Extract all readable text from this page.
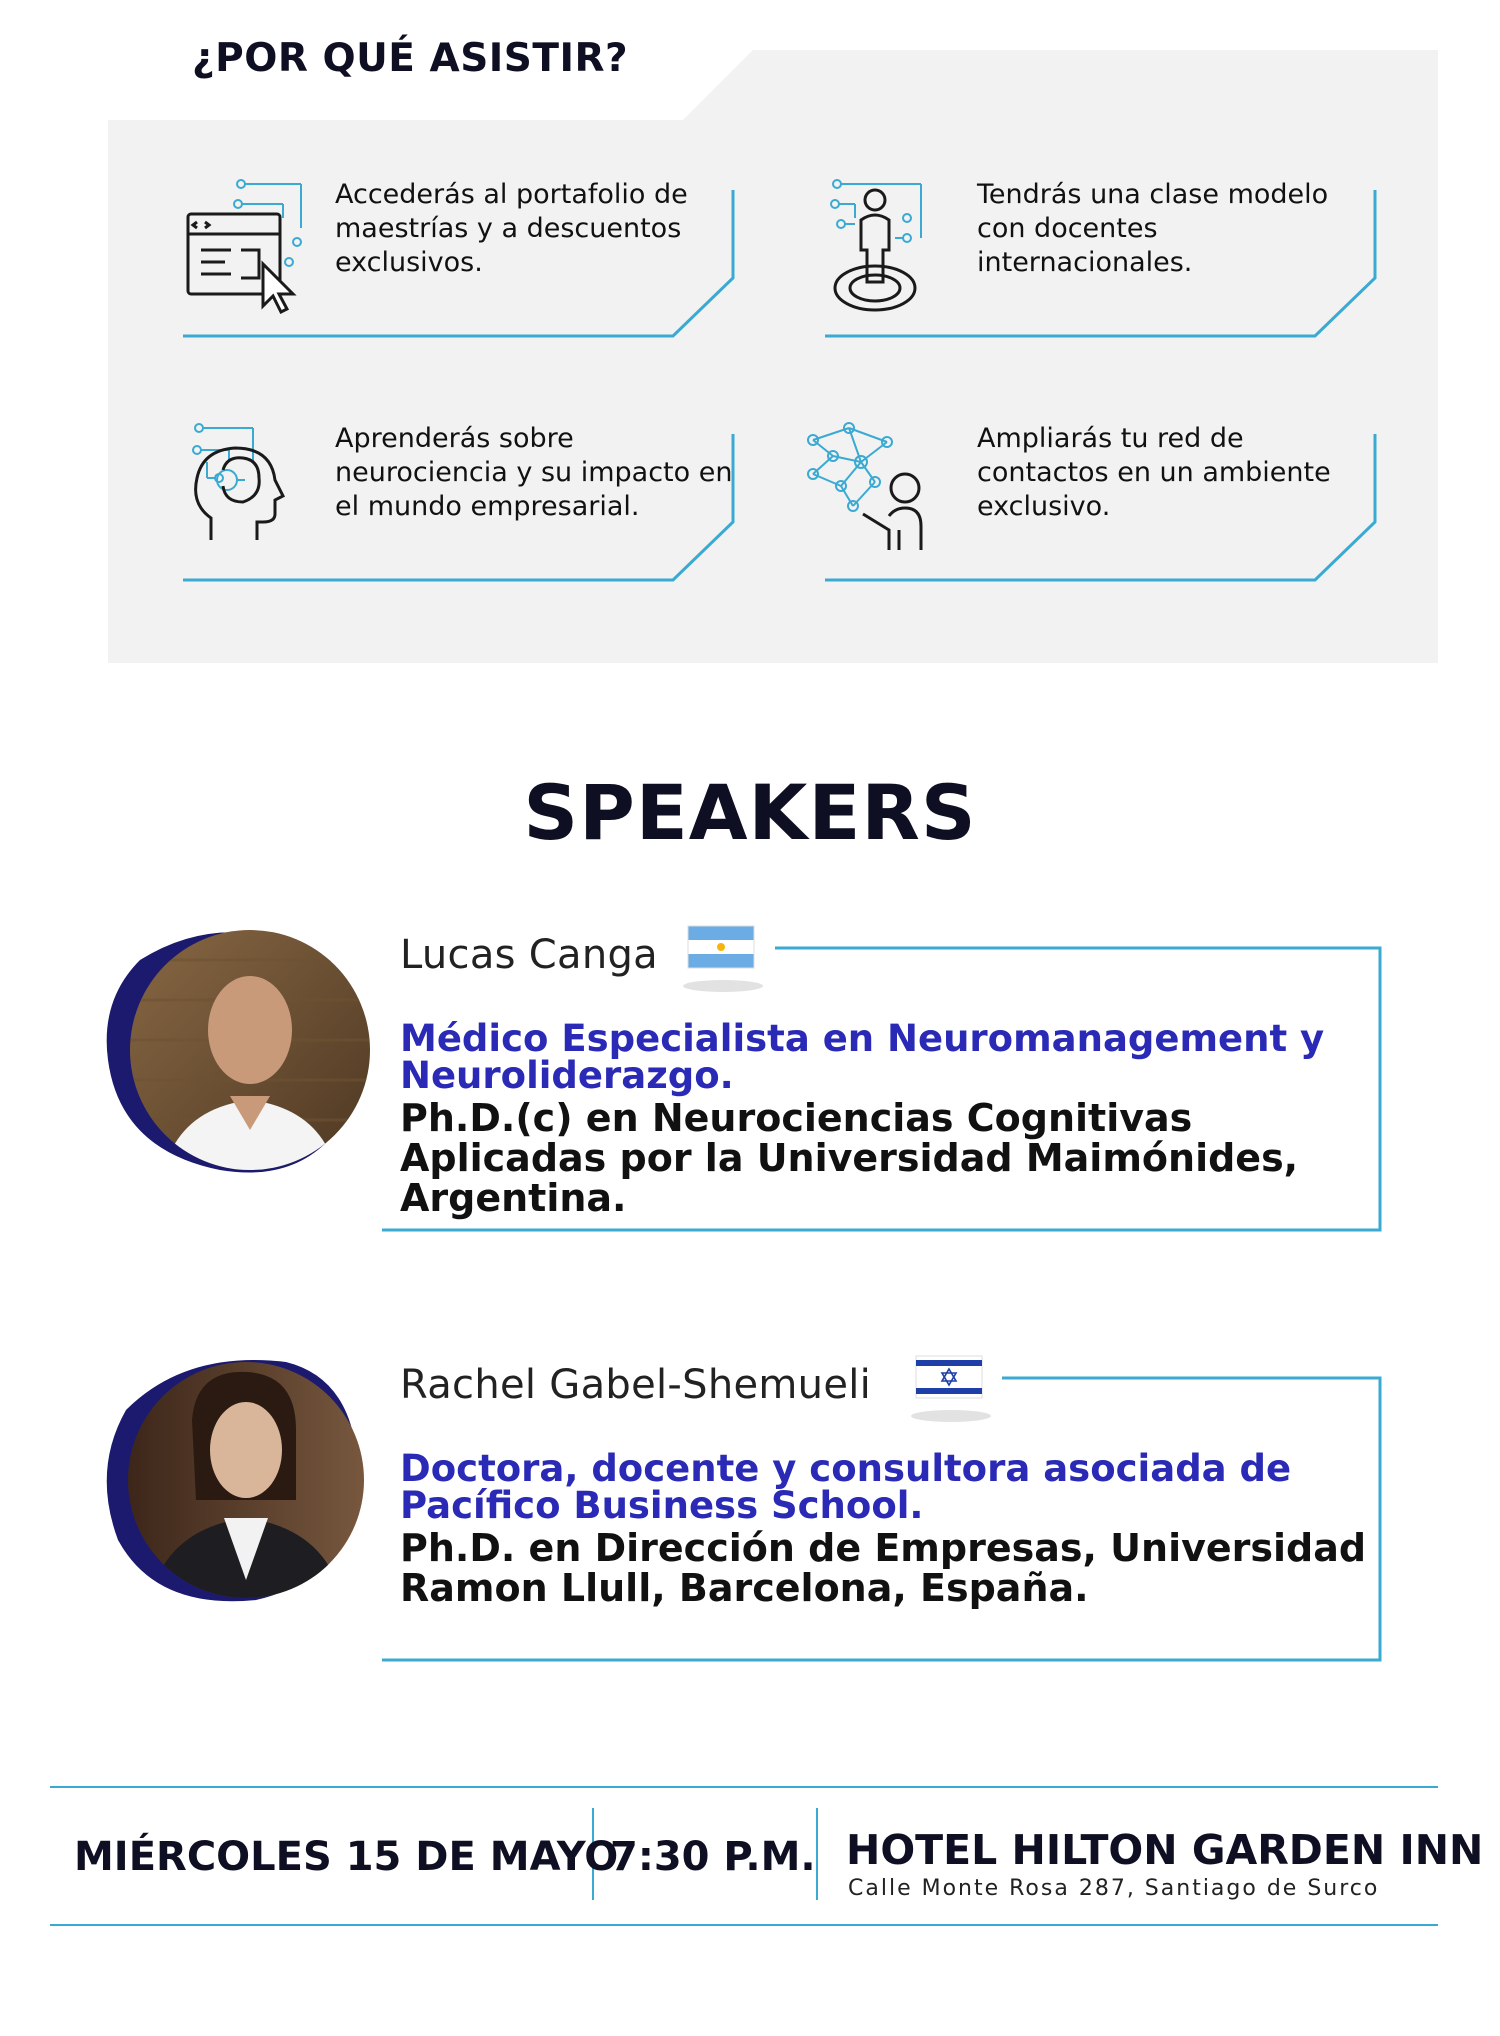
¿POR QUÉ ASISTIR?
Accederás al portafolio de maestrías y a descuentos exclusivos.
Tendrás una clase modelo con docentes internacionales.
Aprenderás sobre neurociencia y su impacto en el mundo empresarial.
Ampliarás tu red de contactos en un ambiente exclusivo.
SPEAKERS
Lucas Canga
Médico Especialista en Neuromanagement y Neuroliderazgo.
Ph.D.(c) en Neurociencias Cognitivas Aplicadas por la Universidad Maimónides, Argentina.
Rachel Gabel-Shemueli
Doctora, docente y consultora asociada de Pacífico Business School.
Ph.D. en Dirección de Empresas, Universidad Ramon Llull, Barcelona, España.
MIÉRCOLES 15 DE MAYO
7:30 P.M. HOTEL HILTON GARDEN INN
Calle Monte Rosa 287, Santiago de Surco
